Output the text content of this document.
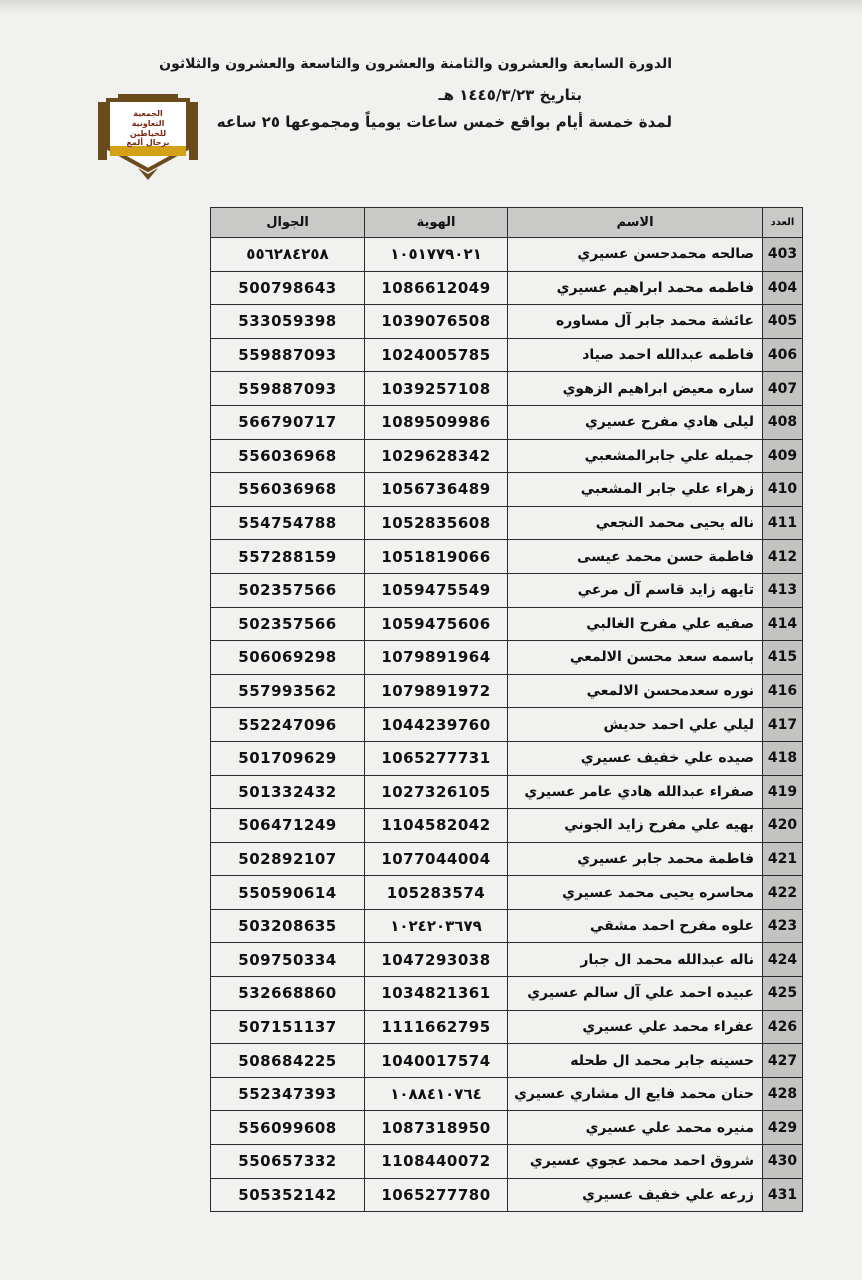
الدورة السابعة والعشرون والثامنة والعشرون والتاسعة والعشرون والثلاثون
بتاريخ ١٤٤٥/٣/٢٣ هـ
لمدة خمسة أيام بواقع خمس ساعات يومياً ومجموعها ٢٥ ساعه
الجمعية
التعاونية
للخياطين
برجال ألمع
العدد	الاسم	الهوية	الجوال
403	صالحه محمدحسن عسيري	١٠٥١٧٧٩٠٢١	٥٥٦٢٨٤٢٥٨
404	فاطمه محمد ابراهيم عسيري	1086612049	500798643
405	عائشة محمد جابر آل مساوره	1039076508	533059398
406	فاطمه عبدالله احمد صياد	1024005785	559887093
407	ساره معيض ابراهيم الزهوي	1039257108	559887093
408	ليلى هادي مفرح عسيري	1089509986	566790717
409	جميله علي جابرالمشعبي	1029628342	556036968
410	زهراء علي جابر المشعبي	1056736489	556036968
411	ناله يحيى محمد النجعي	1052835608	554754788
412	فاطمة حسن محمد عيسى	1051819066	557288159
413	تايهه زايد قاسم آل مرعي	1059475549	502357566
414	صفيه علي مفرح الغالبي	1059475606	502357566
415	باسمه سعد محسن الالمعي	1079891964	506069298
416	نوره سعدمحسن الالمعي	1079891972	557993562
417	ليلي علي احمد حديش	1044239760	552247096
418	صيده علي خفيف عسيري	1065277731	501709629
419	صفراء عبدالله هادي عامر عسيري	1027326105	501332432
420	بهيه علي مفرح زايد الجوني	1104582042	506471249
421	فاطمة محمد جابر عسيري	1077044004	502892107
422	محاسره يحيى محمد عسيري	105283574	550590614
423	علوه مفرح احمد مشقي	١٠٢٤٢٠٣٦٧٩	503208635
424	ناله عبدالله محمد ال جبار	1047293038	509750334
425	عبيده احمد علي آل سالم عسيري	1034821361	532668860
426	عفراء محمد علي عسيري	1111662795	507151137
427	حسينه جابر محمد ال طحله	1040017574	508684225
428	حنان محمد فايع ال مشاري عسيري	١٠٨٨٤١٠٧٦٤	552347393
429	منيره محمد علي عسيري	1087318950	556099608
430	شروق احمد محمد عجوي عسيري	1108440072	550657332
431	زرعه علي خفيف عسيري	1065277780	505352142
